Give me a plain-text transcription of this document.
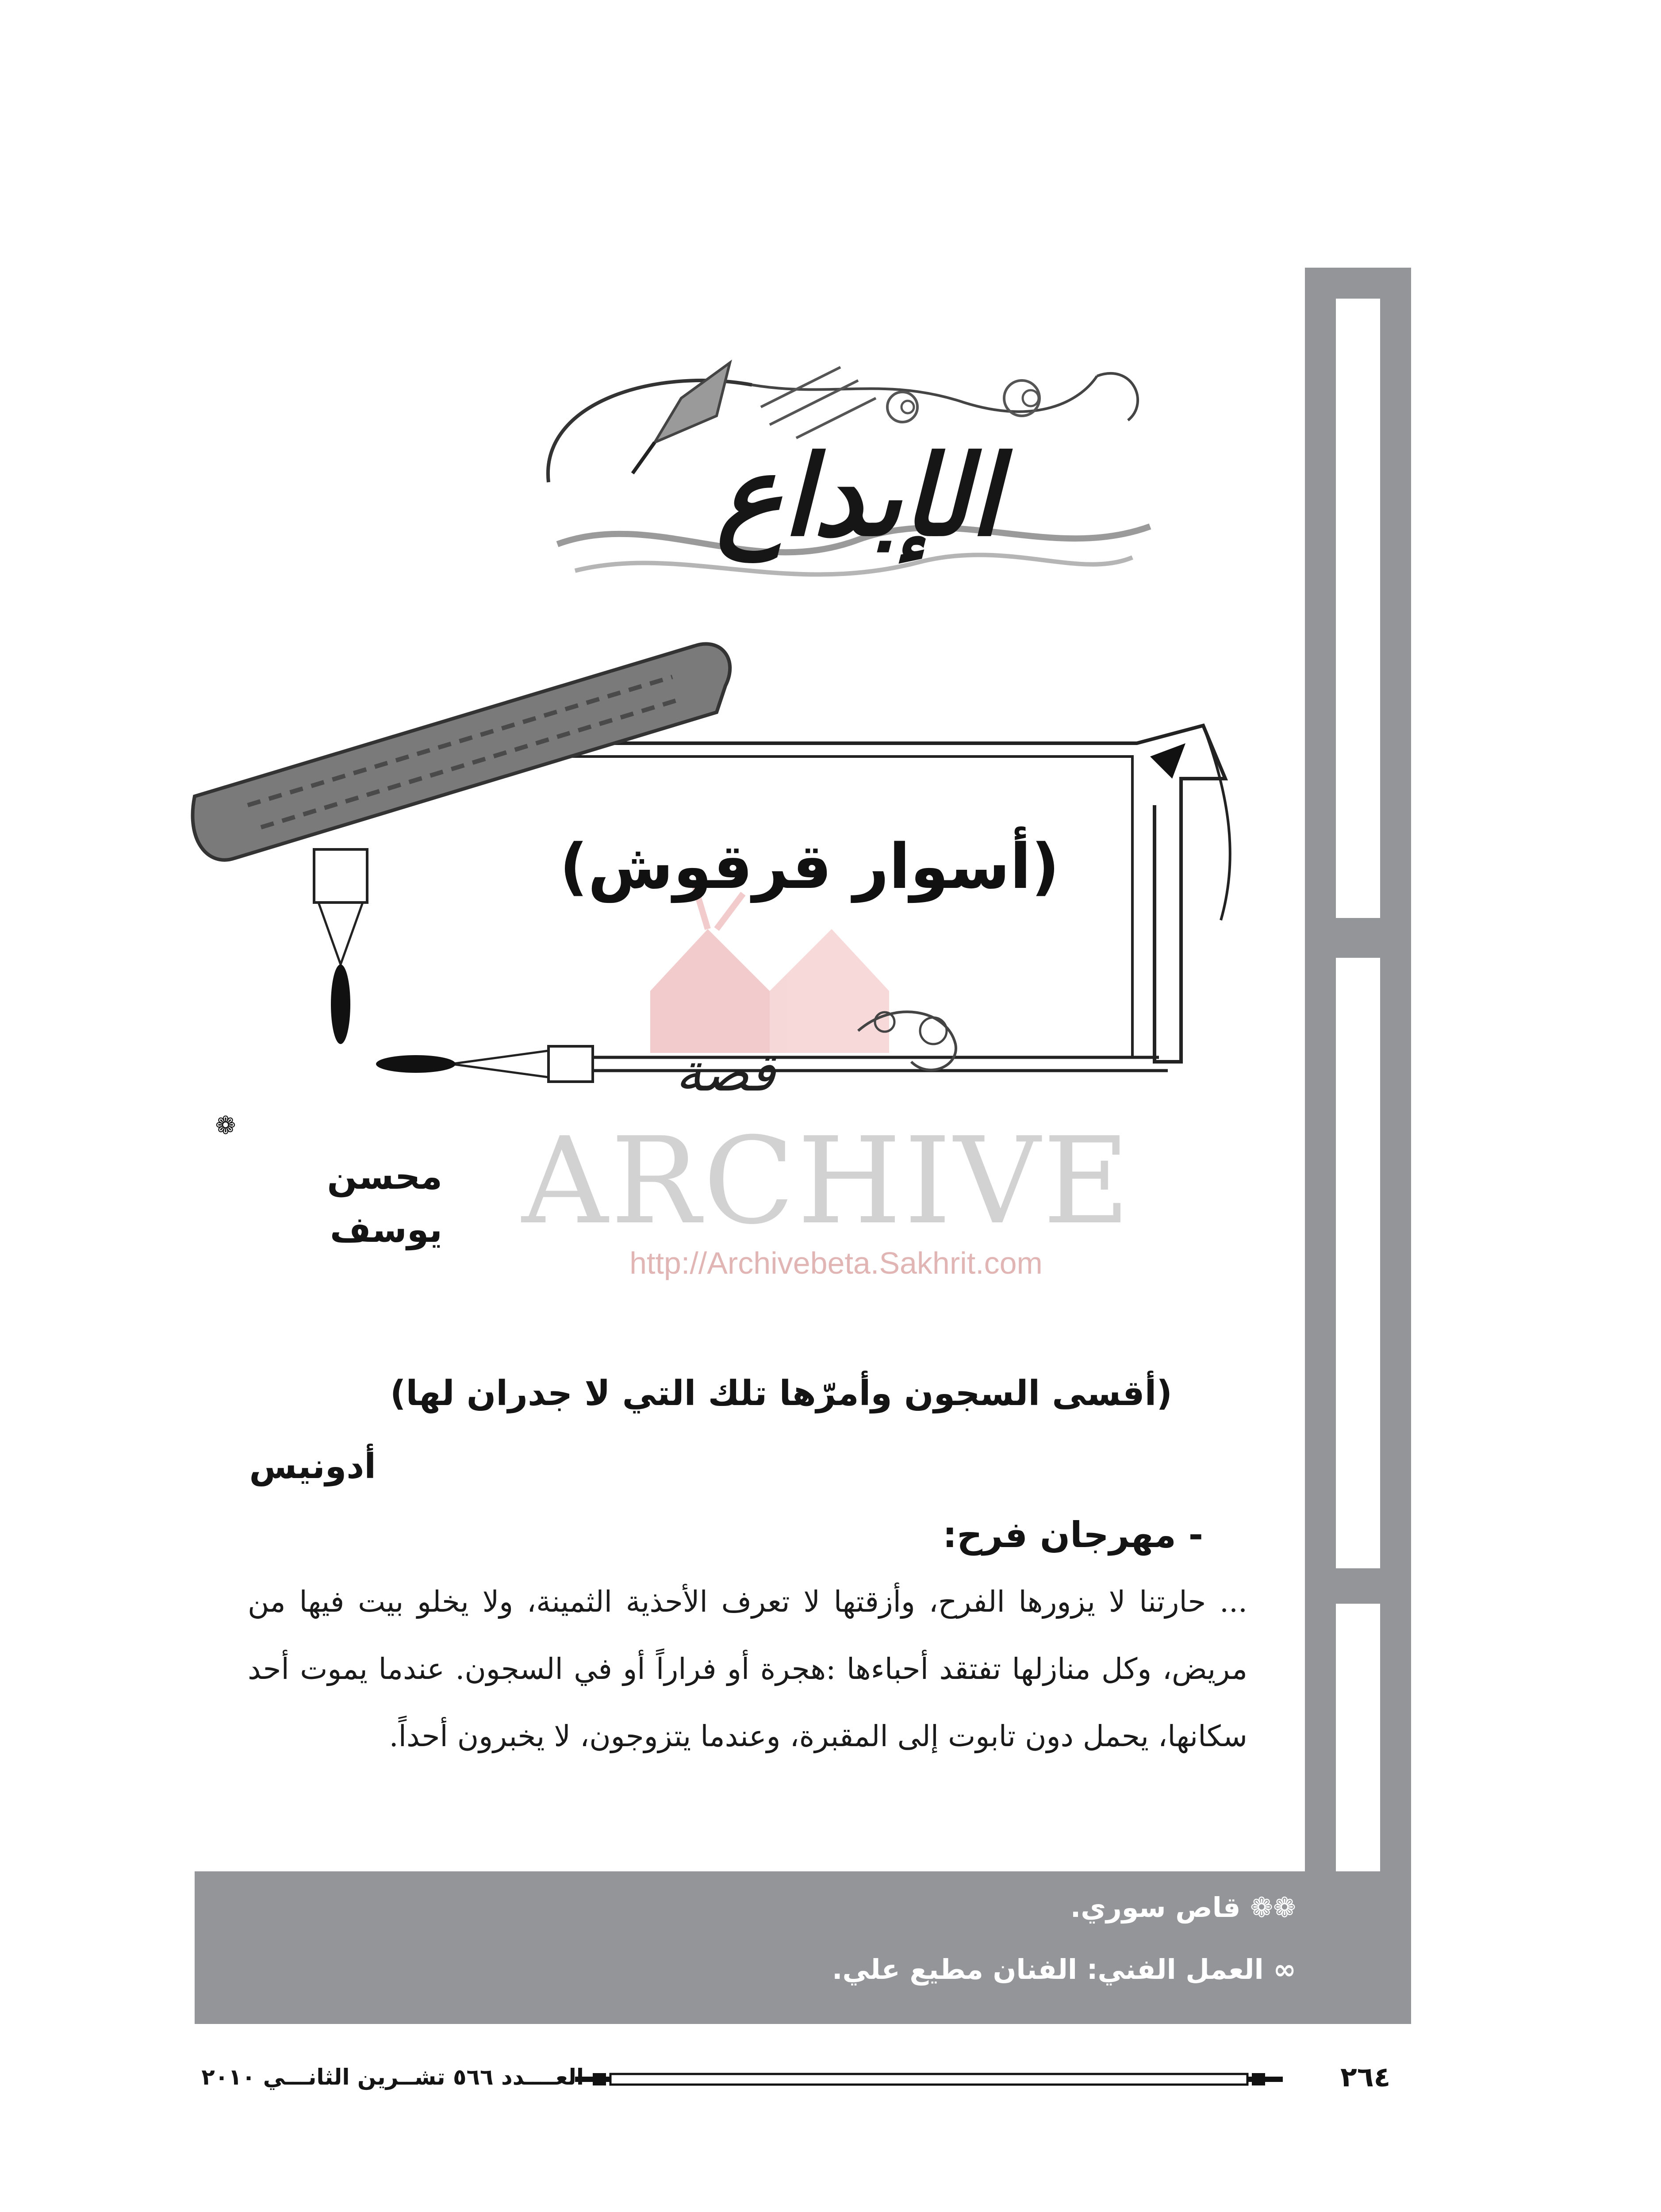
الإبداع
(أسوار قرقوش)
قصة
ARCHIVE
http://Archivebeta.Sakhrit.com
❁
محسن يوسف
(أقسى السجون وأمرّها تلك التي لا جدران لها)
أدونيس
- مهرجان فرح:
... حارتنا لا يزورها الفرح، وأزقتها لا تعرف الأحذية الثمينة، ولا يخلو بيت فيها من مريض، وكل منازلها تفتقد أحباءها :هجرة أو فراراً أو في السجون. عندما يموت أحد سكانها، يحمل دون تابوت إلى المقبرة، وعندما يتزوجون، لا يخبرون أحداً.
❁❁ قاص سوري.
∞ العمل الفني: الفنان مطيع علي.
العــــدد ٥٦٦ تشــرين الثانـــي ٢٠١٠	٢٦٤
